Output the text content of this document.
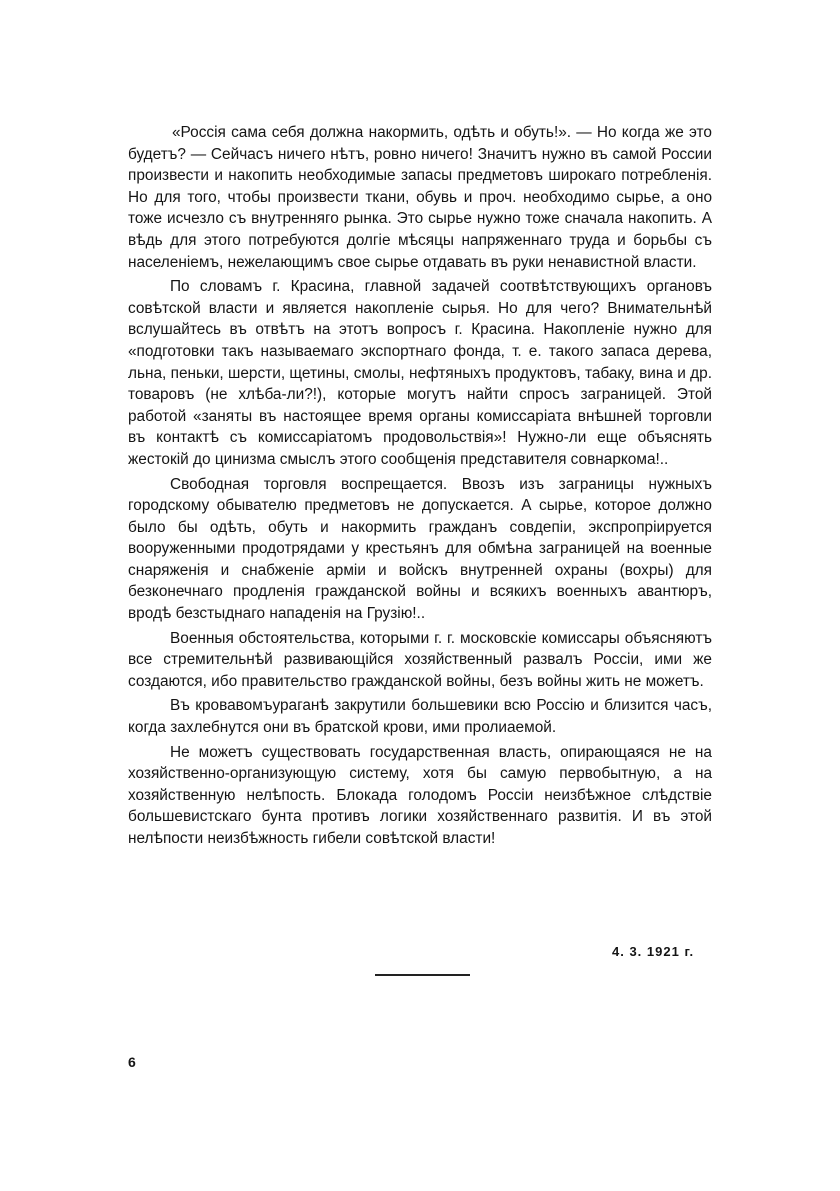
«Россія сама себя должна накормить, одѣть и обуть!». — Но когда же это будетъ? — Сейчасъ ничего нѣтъ, ровно ничего! Значитъ нужно въ самой России произвести и накопить необходимые запасы предметовъ широкаго потребленія. Но для того, чтобы произвести ткани, обувь и проч. необходимо сырье, а оно тоже исчезло съ внутренняго рынка. Это сырье нужно тоже сначала накопить. А вѣдь для этого потребуются долгіе мѣсяцы напряженнаго труда и борьбы съ населеніемъ, нежелающимъ свое сырье отдавать въ руки ненавистной власти.

По словамъ г. Красина, главной задачей соотвѣтствующихъ органовъ совѣтской власти и является накопленіе сырья. Но для чего? Внимательнѣй вслушайтесь въ отвѣтъ на этотъ вопросъ г. Красина. Накопленіе нужно для «подготовки такъ называемаго экспортнаго фонда, т. е. такого запаса дерева, льна, пеньки, шерсти, щетины, смолы, нефтяныхъ продуктовъ, табаку, вина и др. товаровъ (не хлѣба-ли?!), которые могутъ найти спросъ заграницей. Этой работой «заняты въ настоящее время органы комиссаріата внѣшней торговли въ контактѣ съ комиссаріатомъ продовольствія»! Нужно-ли еще объяснять жестокій до цинизма смыслъ этого сообщенія представителя совнаркома!..

Свободная торговля воспрещается. Ввозъ изъ заграницы нужныхъ городскому обывателю предметовъ не допускается. А сырье, которое должно было бы одѣть, обуть и накормить гражданъ совдепіи, экспропріируется вооруженными продотрядами у крестьянъ для обмѣна заграницей на военные снаряженія и снабженіе арміи и войскъ внутренней охраны (вохры) для безконечнаго продленія гражданской войны и всякихъ военныхъ авантюръ, вродѣ безстыднаго нападенія на Грузію!..

Военныя обстоятельства, которыми г. г. московскіе комиссары объясняютъ все стремительнѣй развивающійся хозяйственный развалъ Россіи, ими же создаются, ибо правительство гражданской войны, безъ войны жить не можетъ.

Въ кровавомъураганѣ закрутили большевики всю Россію и близится часъ, когда захлебнутся они въ братской крови, ими пролиаемой.

Не можетъ существовать государственная власть, опирающаяся не на хозяйственно-организующую систему, хотя бы самую первобытную, а на хозяйственную нелѣпость. Блокада голодомъ Россіи неизбѣжное слѣдствіе большевистскаго бунта противъ логики хозяйственнаго развитія. И въ этой нелѣпости неизбѣжность гибели совѣтской власти!

4. 3. 1921 г.
6
